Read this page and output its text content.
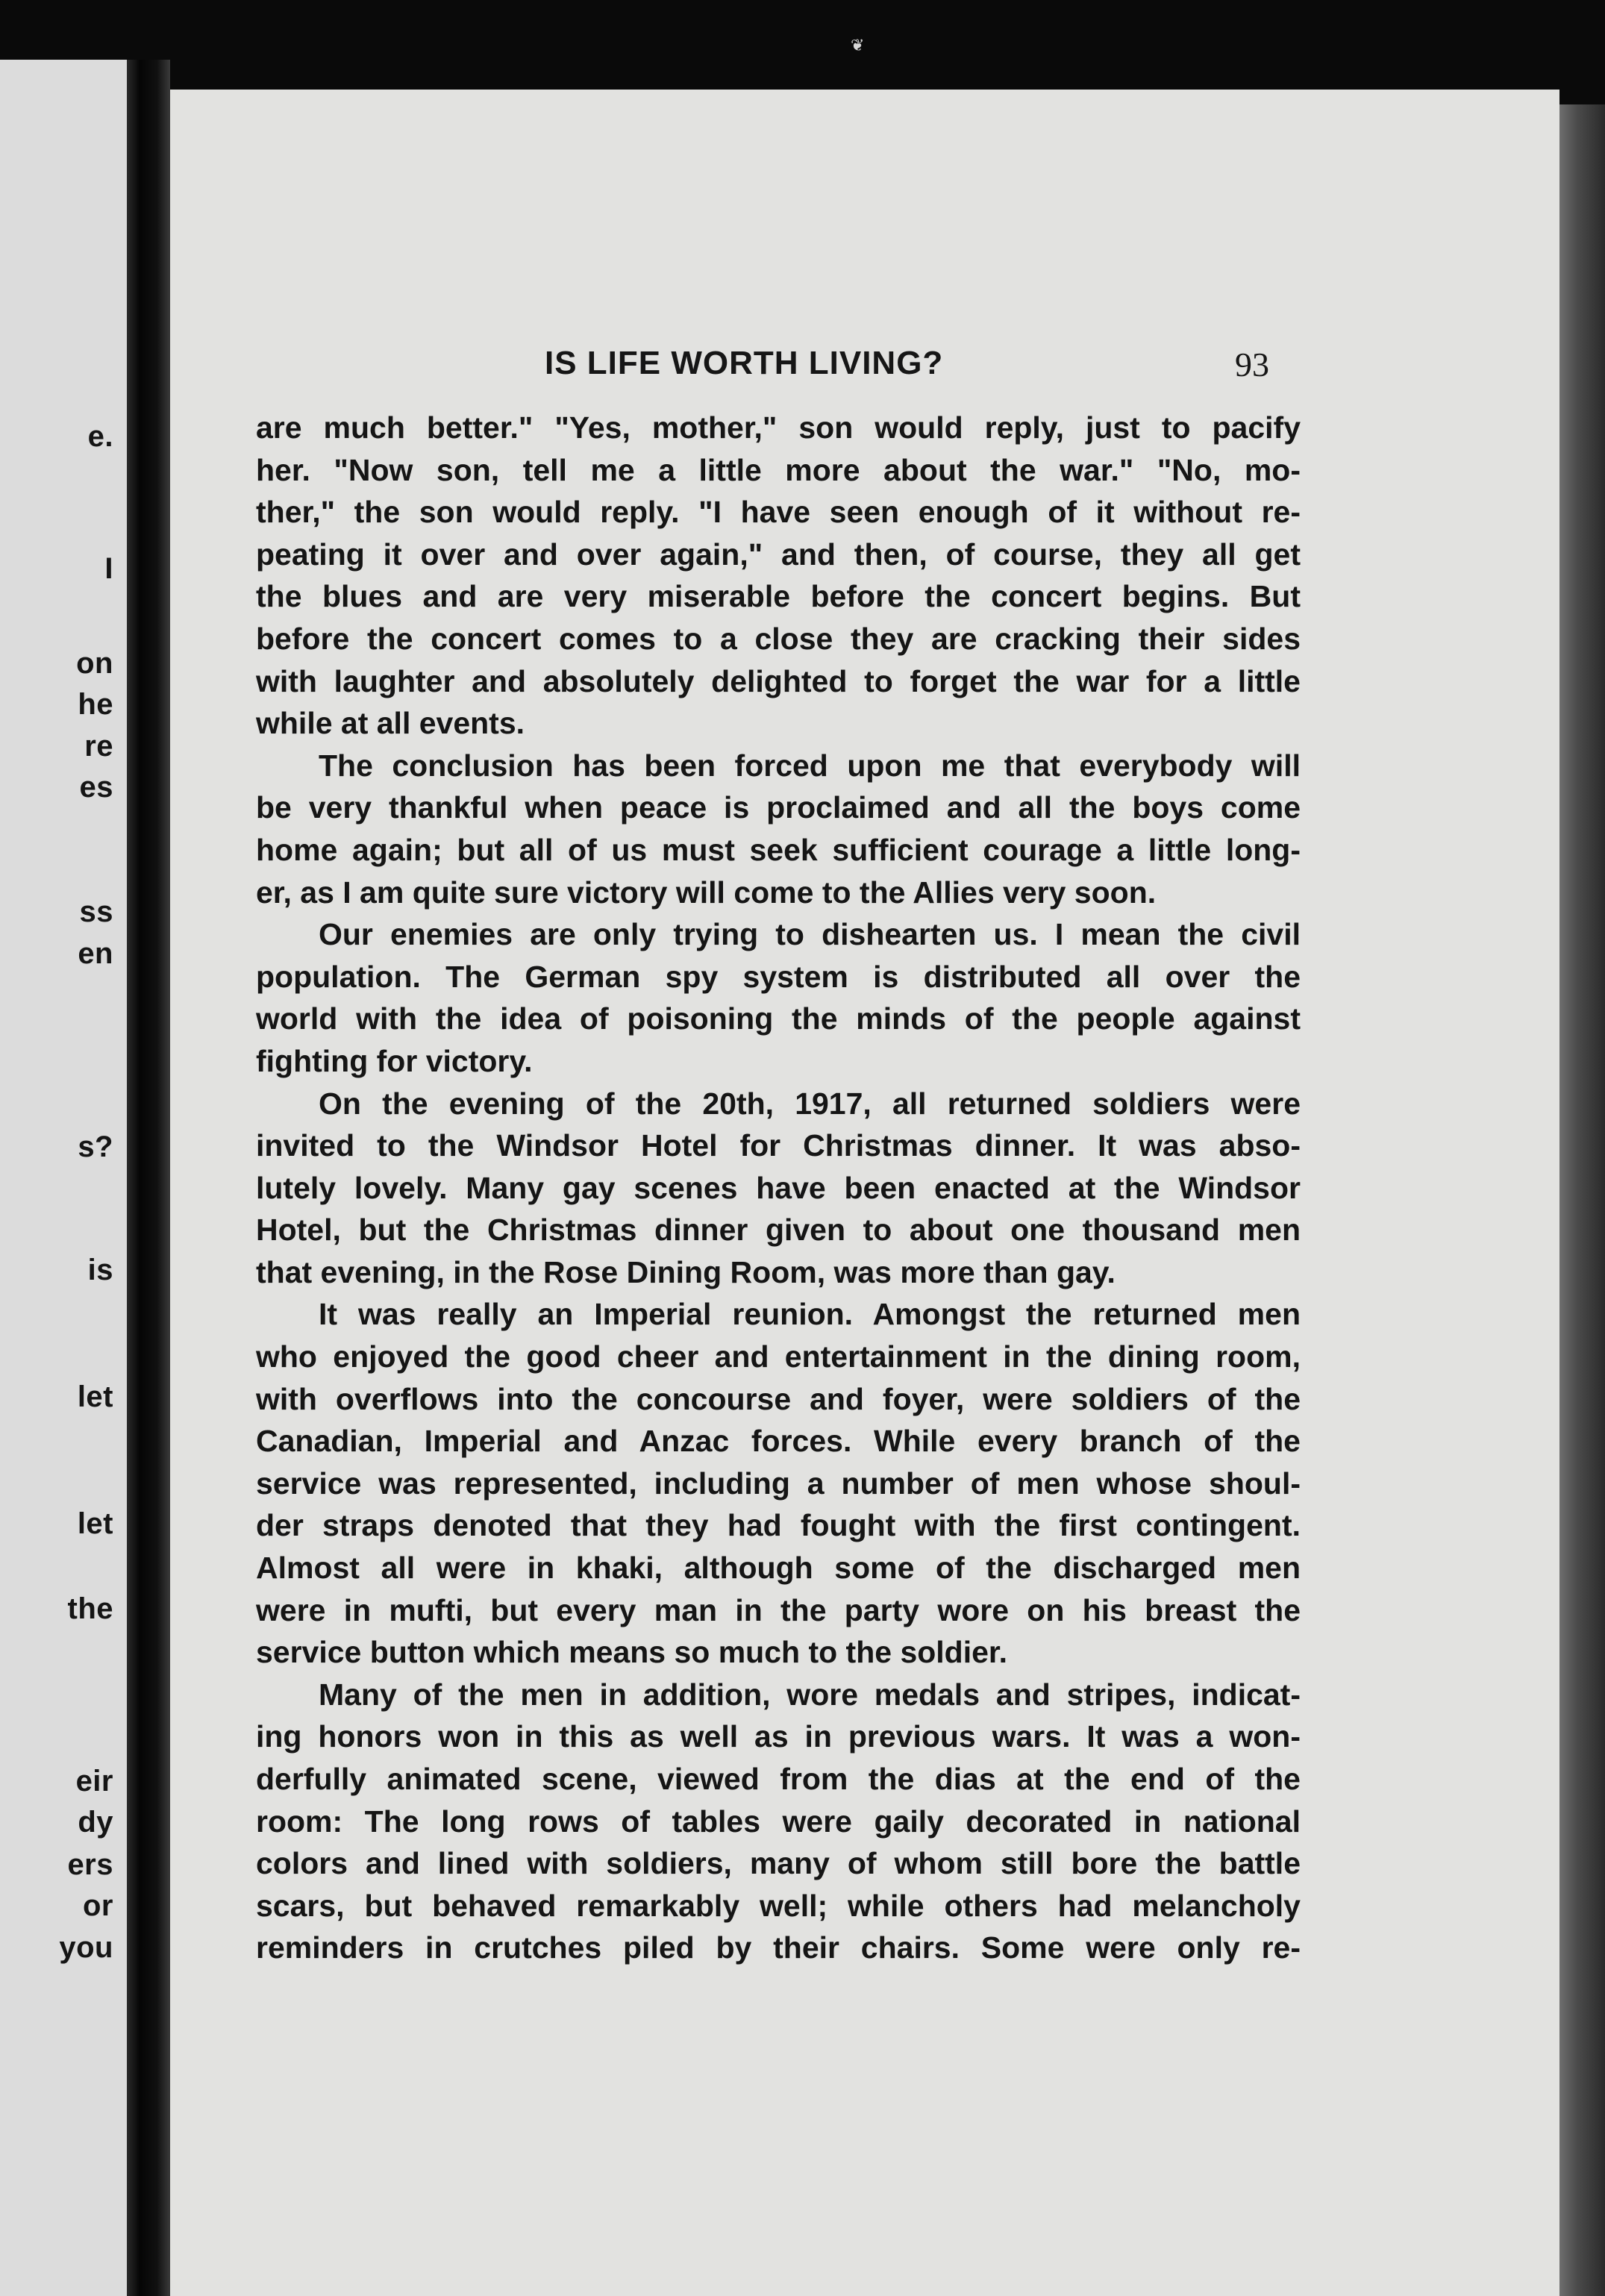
❦
e.
I
on
he
re
es
ss
en
s?
is
let
let
the
eir
dy
ers
or
you
IS LIFE WORTH LIVING?	93
are much better." "Yes, mother," son would reply, just to pacify
her. "Now son, tell me a little more about the war." "No, mo-
ther," the son would reply. "I have seen enough of it without re-
peating it over and over again," and then, of course, they all get
the blues and are very miserable before the concert begins. But
before the concert comes to a close they are cracking their sides
with laughter and absolutely delighted to forget the war for a little
while at all events.
The conclusion has been forced upon me that everybody will
be very thankful when peace is proclaimed and all the boys come
home again; but all of us must seek sufficient courage a little long-
er, as I am quite sure victory will come to the Allies very soon.
Our enemies are only trying to dishearten us. I mean the civil
population. The German spy system is distributed all over the
world with the idea of poisoning the minds of the people against
fighting for victory.
On the evening of the 20th, 1917, all returned soldiers were
invited to the Windsor Hotel for Christmas dinner. It was abso-
lutely lovely. Many gay scenes have been enacted at the Windsor
Hotel, but the Christmas dinner given to about one thousand men
that evening, in the Rose Dining Room, was more than gay.
It was really an Imperial reunion. Amongst the returned men
who enjoyed the good cheer and entertainment in the dining room,
with overflows into the concourse and foyer, were soldiers of the
Canadian, Imperial and Anzac forces. While every branch of the
service was represented, including a number of men whose shoul-
der straps denoted that they had fought with the first contingent.
Almost all were in khaki, although some of the discharged men
were in mufti, but every man in the party wore on his breast the
service button which means so much to the soldier.
Many of the men in addition, wore medals and stripes, indicat-
ing honors won in this as well as in previous wars. It was a won-
derfully animated scene, viewed from the dias at the end of the
room: The long rows of tables were gaily decorated in national
colors and lined with soldiers, many of whom still bore the battle
scars, but behaved remarkably well; while others had melancholy
reminders in crutches piled by their chairs. Some were only re-
